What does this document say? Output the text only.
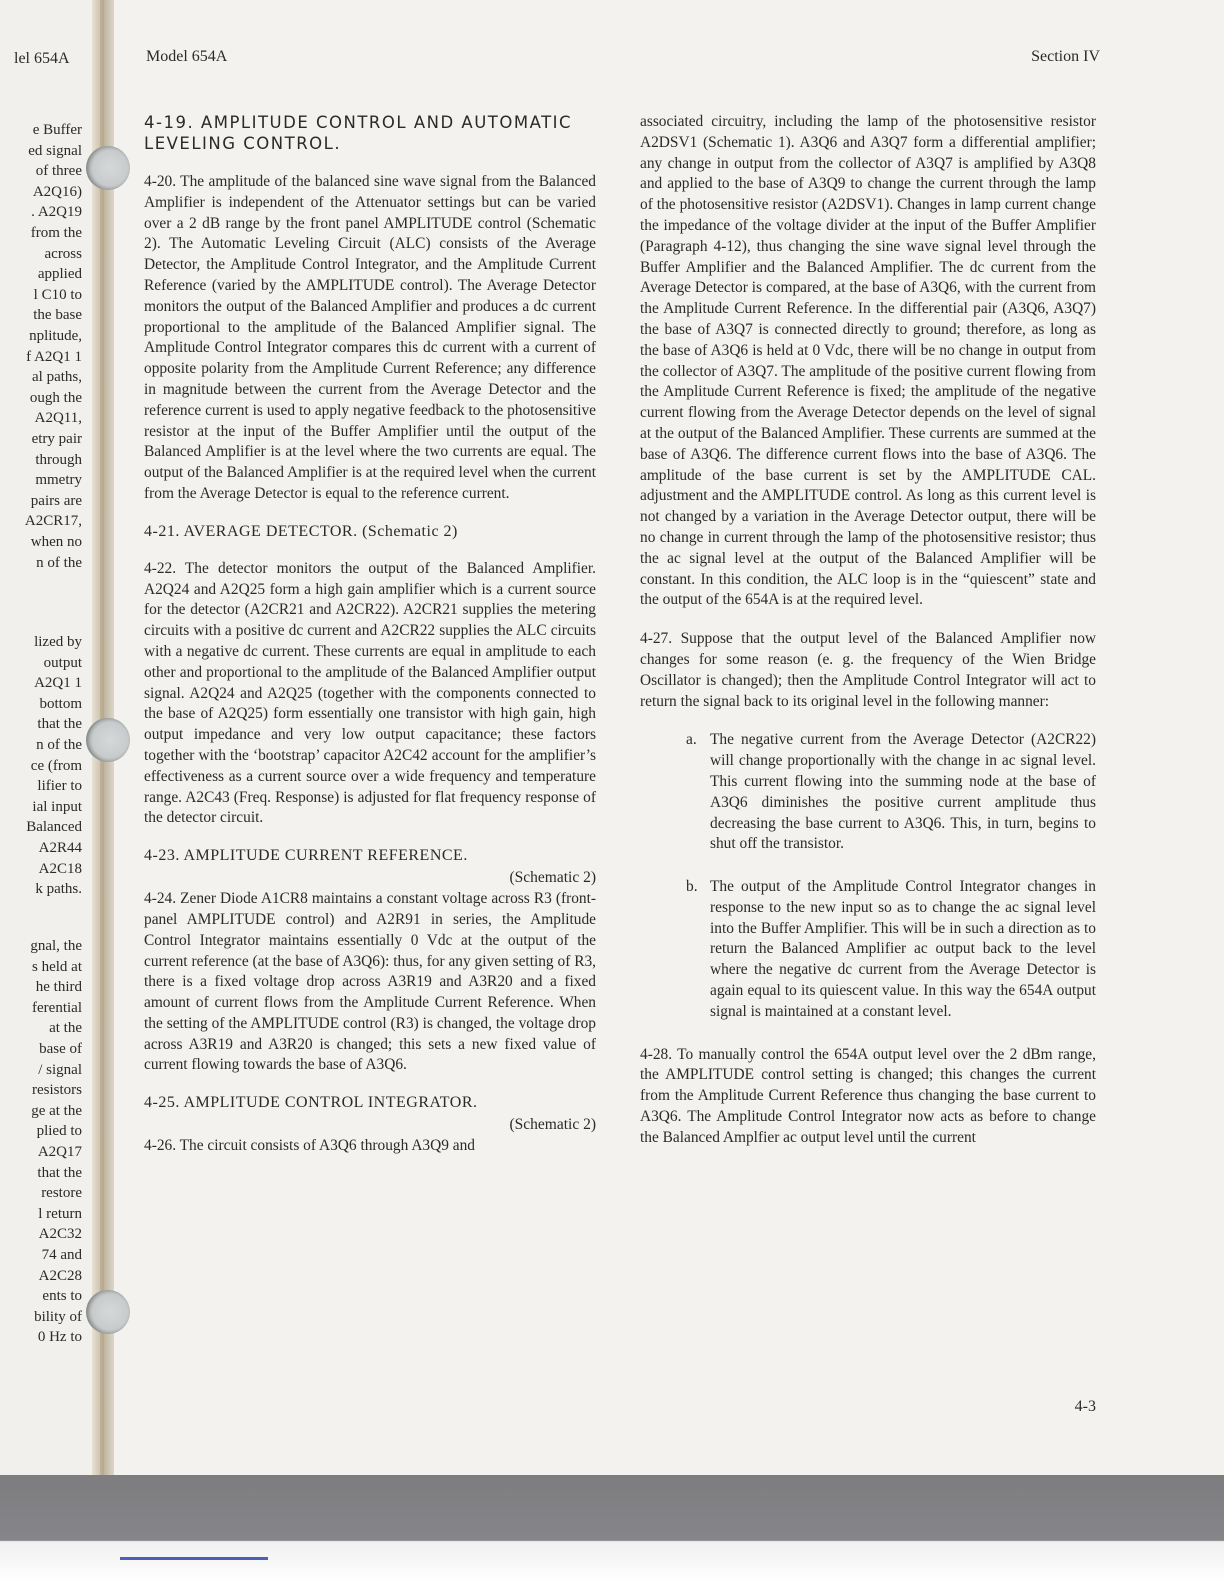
lel 654A
e Buffer
ed signal
of three
A2Q16)
. A2Q19
from the
across
applied
l C10 to
the base
nplitude,
f A2Q1 1
al paths,
ough the
A2Q11,
etry pair
through
mmetry
pairs are
A2CR17,
when no
n of the
lized by
output
A2Q1 1
bottom
that the
n of the
ce (from
lifier to
ial input
Balanced
A2R44
A2C18
k paths.
gnal, the
s held at
he third
ferential
at the
base of
/ signal
resistors
ge at the
plied to
A2Q17
that the
restore
l return
A2C32
74 and
A2C28
ents to
bility of
0 Hz to
Model 654A	Section IV
4-19. AMPLITUDE CONTROL AND AUTOMATIC LEVELING CONTROL.

4-20. The amplitude of the balanced sine wave signal from the Balanced Amplifier is independent of the Attenuator settings but can be varied over a 2 dB range by the front panel AMPLITUDE control (Schematic 2). The Automatic Leveling Circuit (ALC) consists of the Average Detector, the Amplitude Control Integrator, and the Amplitude Current Reference (varied by the AMPLITUDE control). The Average Detector monitors the output of the Balanced Amplifier and produces a dc current proportional to the amplitude of the Balanced Amplifier signal. The Amplitude Control Integrator compares this dc current with a current of opposite polarity from the Amplitude Current Reference; any difference in magnitude between the current from the Average Detector and the reference current is used to apply negative feedback to the photosensitive resistor at the input of the Buffer Amplifier until the output of the Balanced Amplifier is at the level where the two currents are equal. The output of the Balanced Amplifier is at the required level when the current from the Average Detector is equal to the reference current.

4-21. AVERAGE DETECTOR. (Schematic 2)

4-22. The detector monitors the output of the Balanced Amplifier. A2Q24 and A2Q25 form a high gain amplifier which is a current source for the detector (A2CR21 and A2CR22). A2CR21 supplies the metering circuits with a positive dc current and A2CR22 supplies the ALC circuits with a negative dc current. These currents are equal in amplitude to each other and proportional to the amplitude of the Balanced Amplifier output signal. A2Q24 and A2Q25 (together with the components connected to the base of A2Q25) form essentially one transistor with high gain, high output impedance and very low output capacitance; these factors together with the ‘bootstrap’ capacitor A2C42 account for the amplifier’s effectiveness as a current source over a wide frequency and temperature range. A2C43 (Freq. Response) is adjusted for flat frequency response of the detector circuit.

4-23. AMPLITUDE CURRENT REFERENCE.
(Schematic 2)

4-24. Zener Diode A1CR8 maintains a constant voltage across R3 (front-panel AMPLITUDE control) and A2R91 in series, the Amplitude Control Integrator maintains essentially 0 Vdc at the output of the current reference (at the base of A3Q6): thus, for any given setting of R3, there is a fixed voltage drop across A3R19 and A3R20 and a fixed amount of current flows from the Amplitude Current Reference. When the setting of the AMPLITUDE control (R3) is changed, the voltage drop across A3R19 and A3R20 is changed; this sets a new fixed value of current flowing towards the base of A3Q6.

4-25. AMPLITUDE CONTROL INTEGRATOR.
(Schematic 2)

4-26. The circuit consists of A3Q6 through A3Q9 and

associated circuitry, including the lamp of the photosensitive resistor A2DSV1 (Schematic 1). A3Q6 and A3Q7 form a differential amplifier; any change in output from the collector of A3Q7 is amplified by A3Q8 and applied to the base of A3Q9 to change the current through the lamp of the photosensitive resistor (A2DSV1). Changes in lamp current change the impedance of the voltage divider at the input of the Buffer Amplifier (Paragraph 4-12), thus changing the sine wave signal level through the Buffer Amplifier and the Balanced Amplifier. The dc current from the Average Detector is compared, at the base of A3Q6, with the current from the Amplitude Current Reference. In the differential pair (A3Q6, A3Q7) the base of A3Q7 is connected directly to ground; therefore, as long as the base of A3Q6 is held at 0 Vdc, there will be no change in output from the collector of A3Q7. The amplitude of the positive current flowing from the Amplitude Current Reference is fixed; the amplitude of the negative current flowing from the Average Detector depends on the level of signal at the output of the Balanced Amplifier. These currents are summed at the base of A3Q6. The difference current flows into the base of A3Q6. The amplitude of the base current is set by the AMPLITUDE CAL. adjustment and the AMPLITUDE control. As long as this current level is not changed by a variation in the Average Detector output, there will be no change in current through the lamp of the photosensitive resistor; thus the ac signal level at the output of the Balanced Amplifier will be constant. In this condition, the ALC loop is in the “quiescent” state and the output of the 654A is at the required level.

4-27. Suppose that the output level of the Balanced Amplifier now changes for some reason (e. g. the frequency of the Wien Bridge Oscillator is changed); then the Amplitude Control Integrator will act to return the signal back to its original level in the following manner:

a. The negative current from the Average Detector (A2CR22) will change proportionally with the change in ac signal level. This current flowing into the summing node at the base of A3Q6 diminishes the positive current amplitude thus decreasing the base current to A3Q6. This, in turn, begins to shut off the transistor.
b. The output of the Amplitude Control Integrator changes in response to the new input so as to change the ac signal level into the Buffer Amplifier. This will be in such a direction as to return the Balanced Amplifier ac output back to the level where the negative dc current from the Average Detector is again equal to its quiescent value. In this way the 654A output signal is maintained at a constant level.

4-28. To manually control the 654A output level over the 2 dBm range, the AMPLITUDE control setting is changed; this changes the current from the Amplitude Current Reference thus changing the base current to A3Q6. The Amplitude Control Integrator now acts as before to change the Balanced Amplfier ac output level until the current

4-3
